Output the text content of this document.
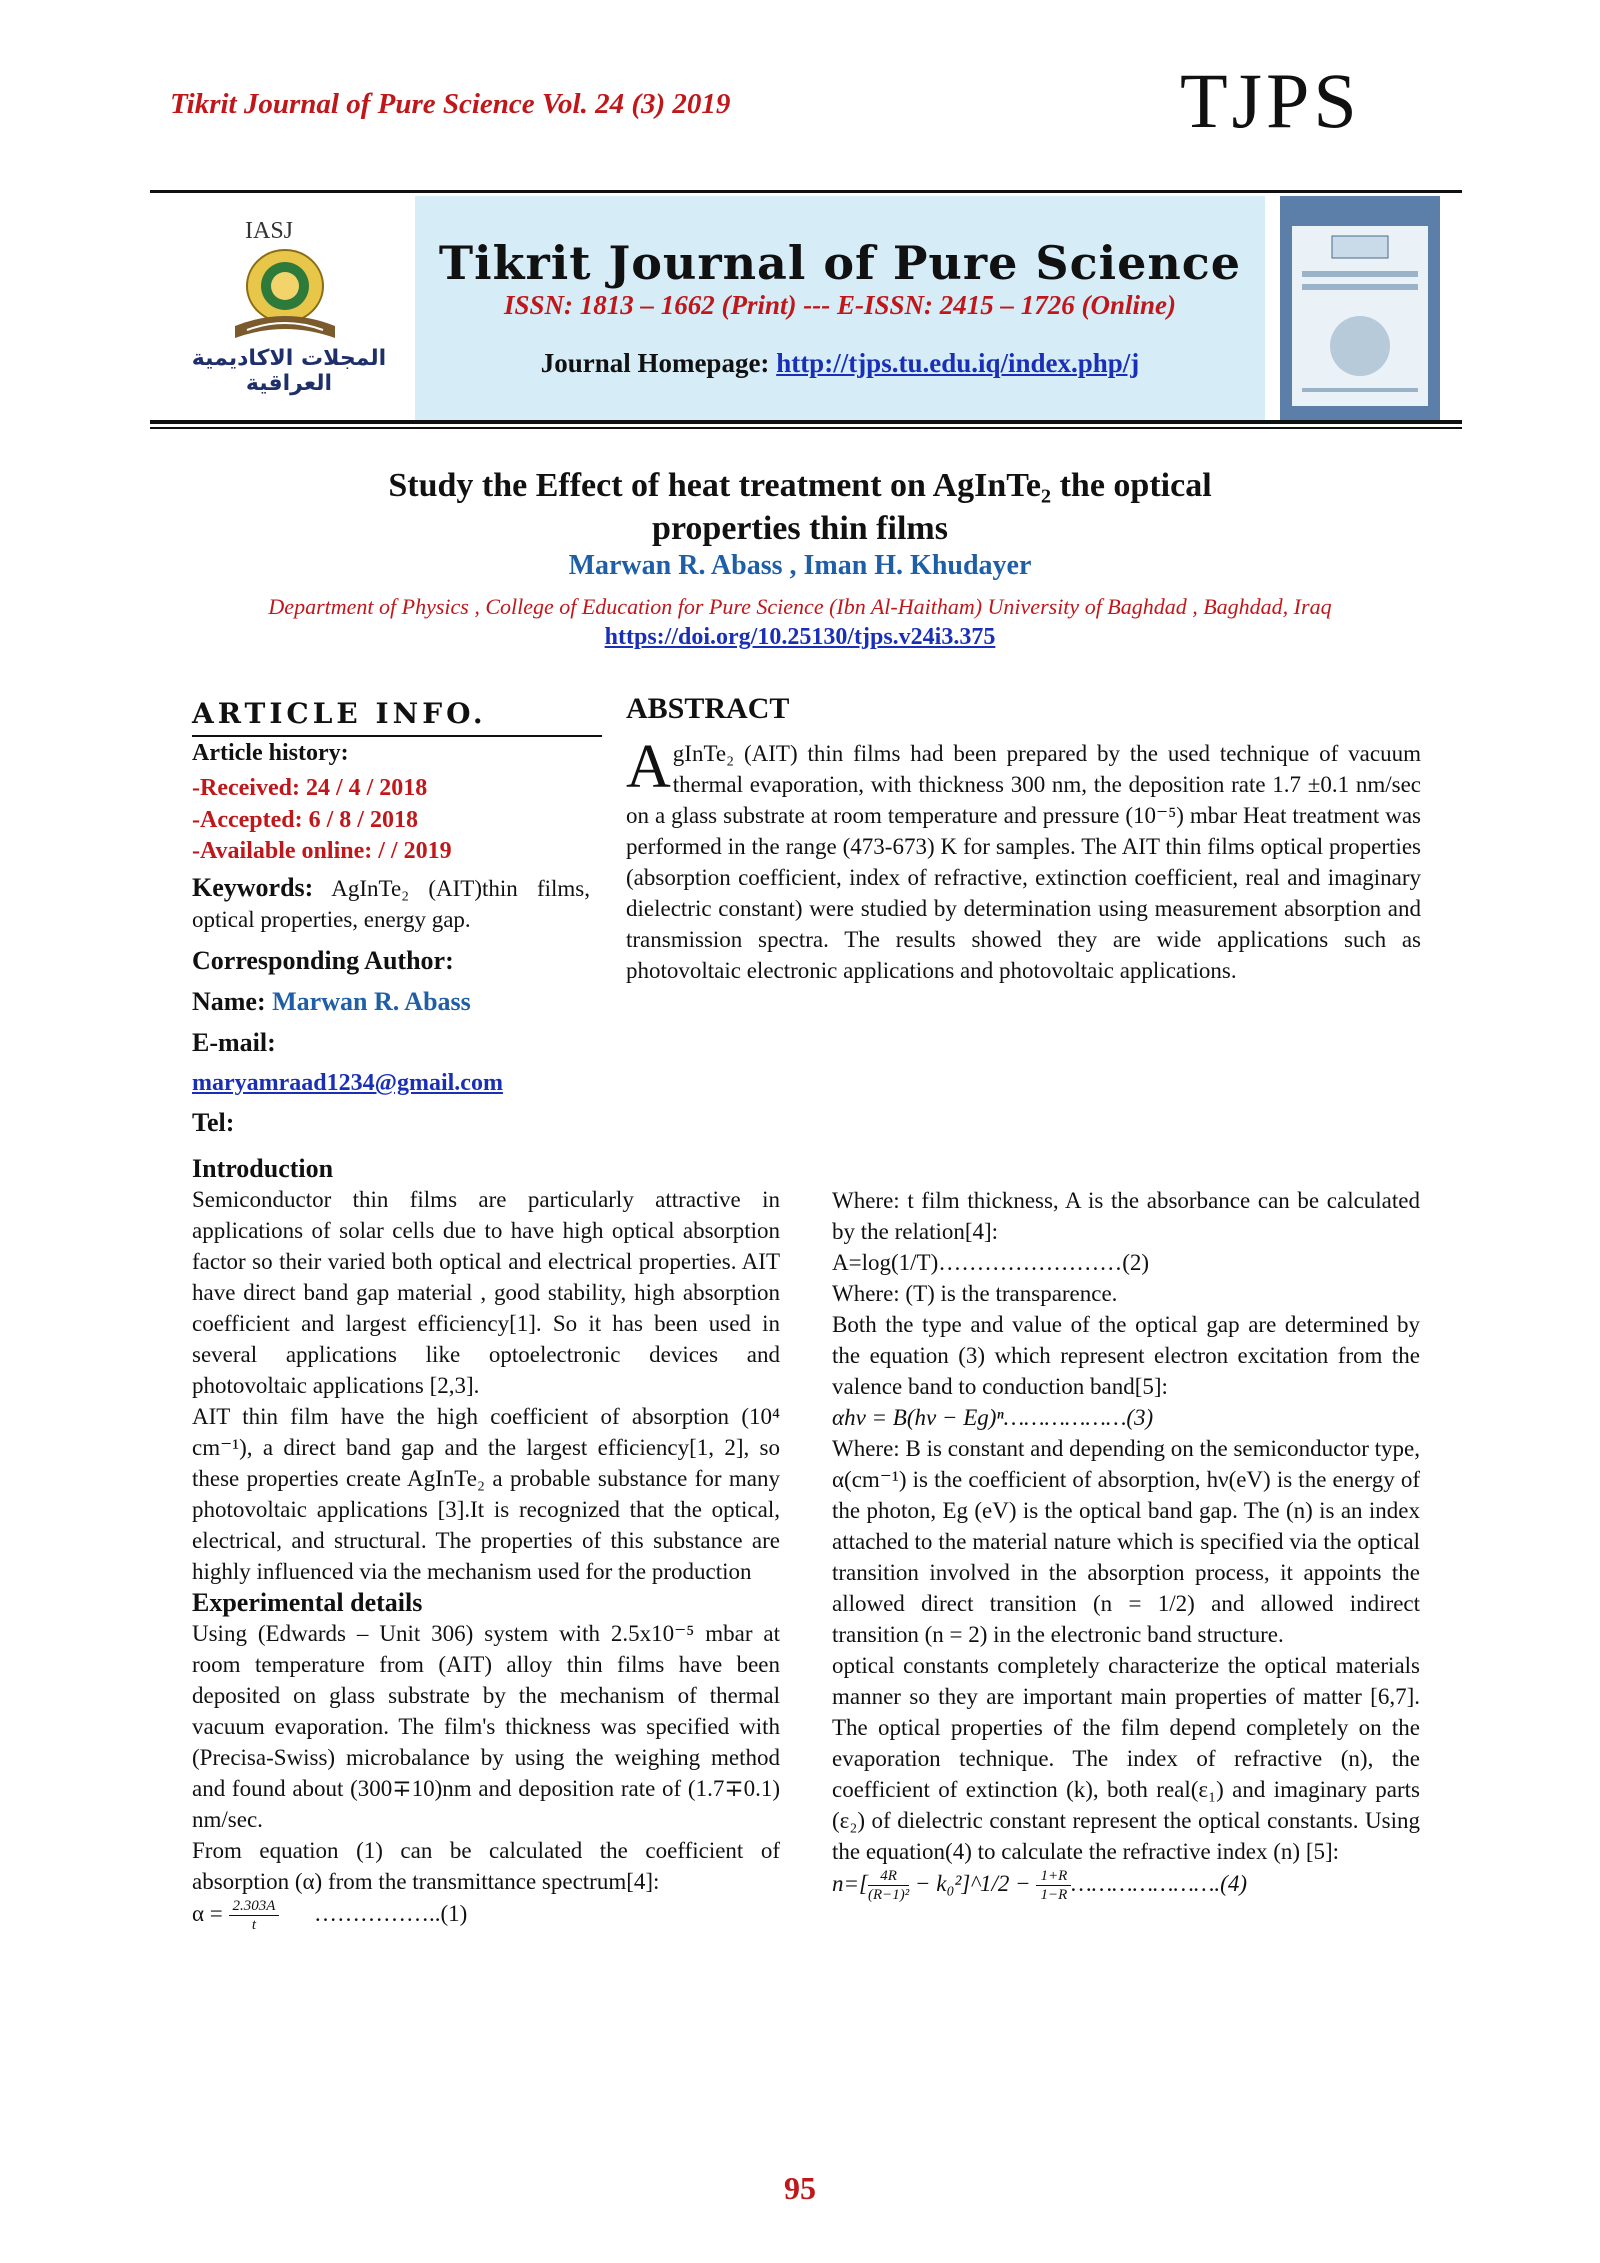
Tikrit Journal of Pure Science Vol. 24 (3) 2019	TJPS
IASJ
المجلات الاكاديمية العراقية
Tikrit Journal of Pure Science
ISSN: 1813 – 1662 (Print) --- E-ISSN: 2415 – 1726 (Online)
Journal Homepage: http://tjps.tu.edu.iq/index.php/j
Study the Effect of heat treatment on AgInTe₂ the optical
properties thin films
Marwan R. Abass , Iman H. Khudayer
Department of Physics , College of Education for Pure Science (Ibn Al-Haitham) University of Baghdad , Baghdad, Iraq
https://doi.org/10.25130/tjps.v24i3.375
ARTICLE INFO.
Article history:
-Received: 24 / 4 / 2018
-Accepted: 6 / 8 / 2018
-Available online: / / 2019
Keywords: AgInTe₂ (AIT)thin films, optical properties, energy gap.
Corresponding Author:
Name: Marwan R. Abass
E-mail:
maryamraad1234@gmail.com
Tel:
ABSTRACT
AgInTe₂ (AIT) thin films had been prepared by the used technique of vacuum thermal evaporation, with thickness 300 nm, the deposition rate 1.7 ±0.1 nm/sec on a glass substrate at room temperature and pressure (10⁻⁵) mbar Heat treatment was performed in the range (473-673) K for samples. The AIT thin films optical properties (absorption coefficient, index of refractive, extinction coefficient, real and imaginary dielectric constant) were studied by determination using measurement absorption and transmission spectra. The results showed they are wide applications such as photovoltaic electronic applications and photovoltaic applications.
Introduction

Semiconductor thin films are particularly attractive in applications of solar cells due to have high optical absorption factor so their varied both optical and electrical properties. AIT have direct band gap material , good stability, high absorption coefficient and largest efficiency[1]. So it has been used in several applications like optoelectronic devices and photovoltaic applications [2,3].

AIT thin film have the high coefficient of absorption (10⁴ cm⁻¹), a direct band gap and the largest efficiency[1, 2], so these properties create AgInTe₂ a probable substance for many photovoltaic applications [3].It is recognized that the optical, electrical, and structural. The properties of this substance are highly influenced via the mechanism used for the production

Experimental details

Using (Edwards – Unit 306) system with 2.5x10⁻⁵ mbar at room temperature from (AIT) alloy thin films have been deposited on glass substrate by the mechanism of thermal vacuum evaporation. The film's thickness was specified with (Precisa-Swiss) microbalance by using the weighing method and found about (300∓10)nm and deposition rate of (1.7∓0.1) nm/sec.

From equation (1) can be calculated the coefficient of absorption (α) from the transmittance spectrum[4]:

$\alpha = \frac{2.303A}{t}$ ……………..(1)

Where: t film thickness, A is the absorbance can be calculated by the relation[4]:

A=log(1/T)……………………(2)

Where: (T) is the transparence.

Both the type and value of the optical gap are determined by the equation (3) which represent electron excitation from the valence band to conduction band[5]:

αhν = B(hν − Eg)ⁿ………………(3)

Where: B is constant and depending on the semiconductor type, α(cm⁻¹) is the coefficient of absorption, hν(eV) is the energy of the photon, Eg (eV) is the optical band gap. The (n) is an index attached to the material nature which is specified via the optical transition involved in the absorption process, it appoints the allowed direct transition (n = 1/2) and allowed indirect transition (n = 2) in the electronic band structure.

optical constants completely characterize the optical materials manner so they are important main properties of matter [6,7]. The optical properties of the film depend completely on the evaporation technique. The index of refractive (n), the coefficient of extinction (k), both real(ε₁) and imaginary parts (ε₂) of dielectric constant represent the optical constants. Using the equation(4) to calculate the refractive index (n) [5]:

$n=[ \frac{4R}{\text{(R−1)²}}$ − k₀²]^1/2 − $\frac{1+R}{1-R}$ ………………….(4)

95
